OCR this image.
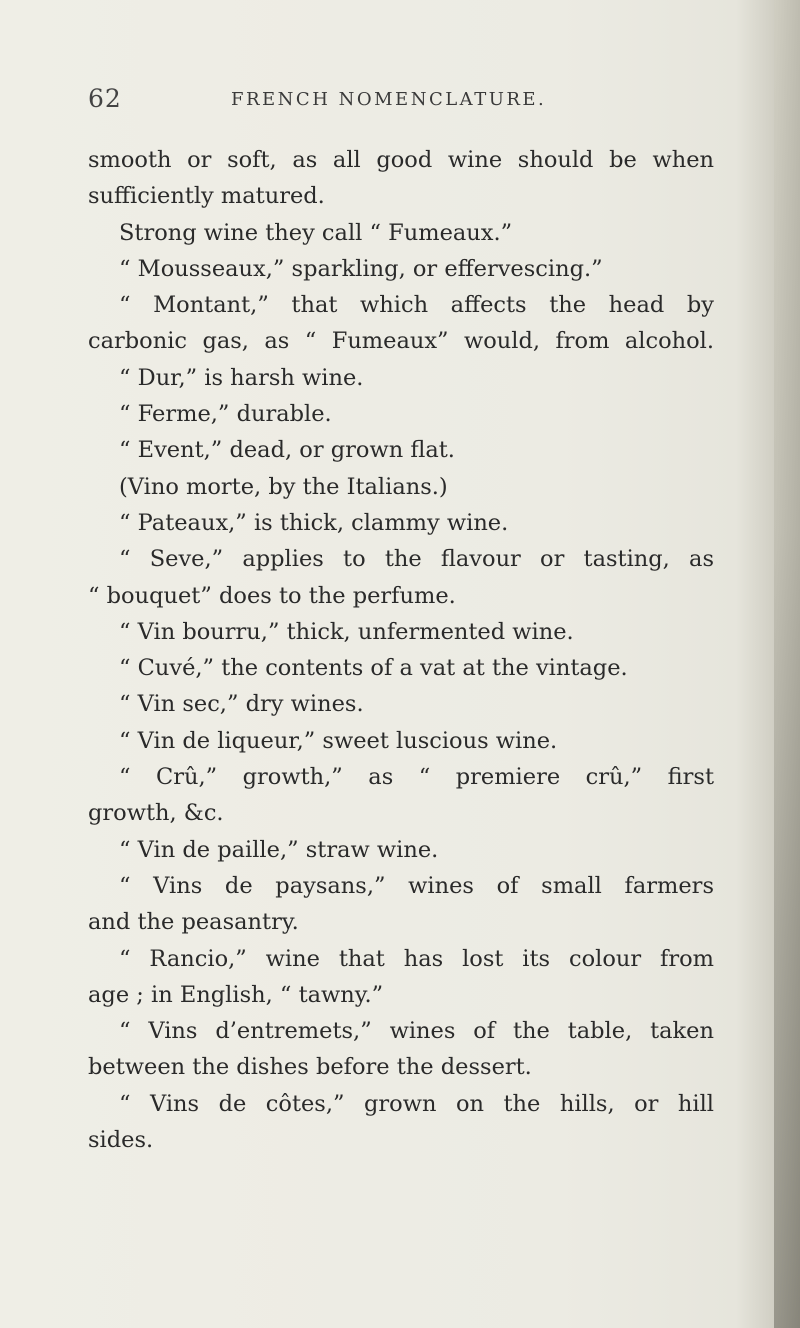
62	FRENCH NOMENCLATURE.
smooth or soft, as all good wine should be when
sufficiently matured.
Strong wine they call “ Fumeaux.”
“ Mousseaux,” sparkling, or effervescing.”
“ Montant,” that which affects the head by
carbonic gas, as “ Fumeaux” would, from alcohol.
“ Dur,” is harsh wine.
“ Ferme,” durable.
“ Event,” dead, or grown flat.
(Vino morte, by the Italians.)
“ Pateaux,” is thick, clammy wine.
“ Seve,” applies to the flavour or tasting, as
“ bouquet” does to the perfume.
“ Vin bourru,” thick, unfermented wine.
“ Cuvé,” the contents of a vat at the vintage.
“ Vin sec,” dry wines.
“ Vin de liqueur,” sweet luscious wine.
“ Crû,” growth,” as “ premiere crû,” first
growth, &c.
“ Vin de paille,” straw wine.
“ Vins de paysans,” wines of small farmers
and the peasantry.
“ Rancio,” wine that has lost its colour from
age ; in English, “ tawny.”
“ Vins d’entremets,” wines of the table, taken
between the dishes before the dessert.
“ Vins de côtes,” grown on the hills, or hill
sides.
